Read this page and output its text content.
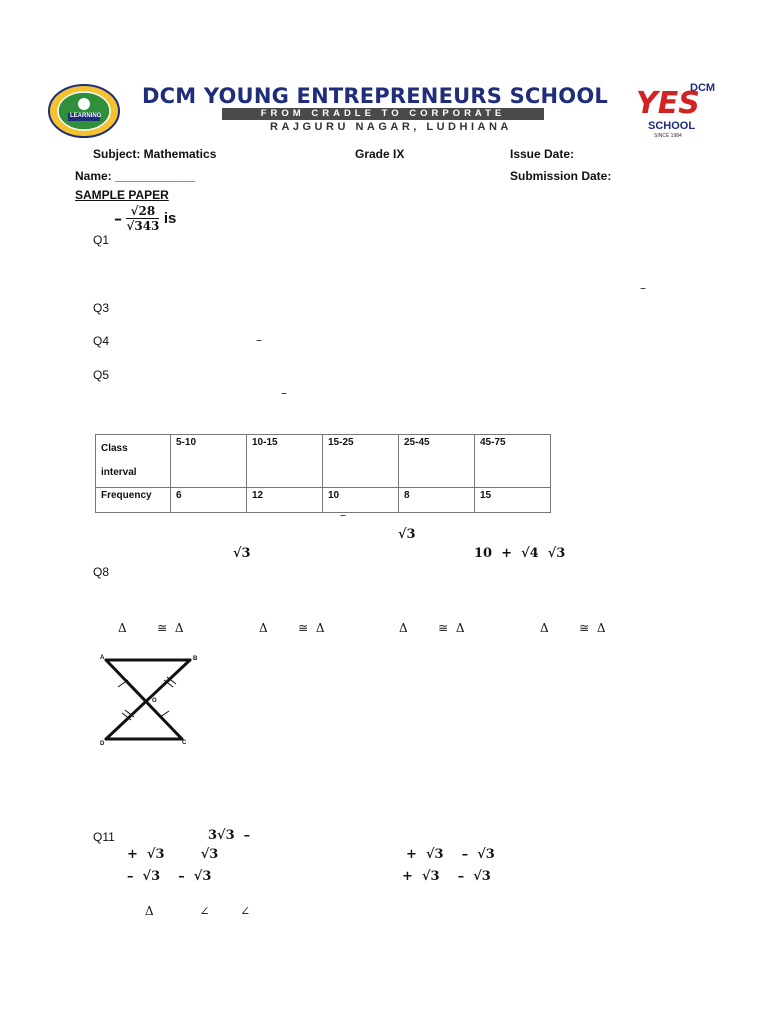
LEARNING
DCM YOUNG ENTREPRENEURS SCHOOL
FROM CRADLE TO CORPORATE
RAJGURU NAGAR, LUDHIANA
DCM
YES
SCHOOL
SINCE 1984
Subject: Mathematics	Grade IX	Issue Date:
Name: ____________	Submission Date:
SAMPLE PAPER
– $\frac{√28}{√343}$ is
Q1
–
Q3
Q4	–
Q5
–
Class interval	5-10	10-15	15-25	25-45	45-75
Frequency	6	12	10	8	15
–
√3
√3	10  +  √4  √3
Q8
Δ        ≅  Δ	Δ        ≅  Δ	Δ        ≅  Δ	Δ        ≅  Δ
A	B
O
D	C
Q11	3√3  –
+  √3        √3	+  √3    –  √3
–  √3    –  √3	+  √3    –  √3
Δ            ∠        ∠
